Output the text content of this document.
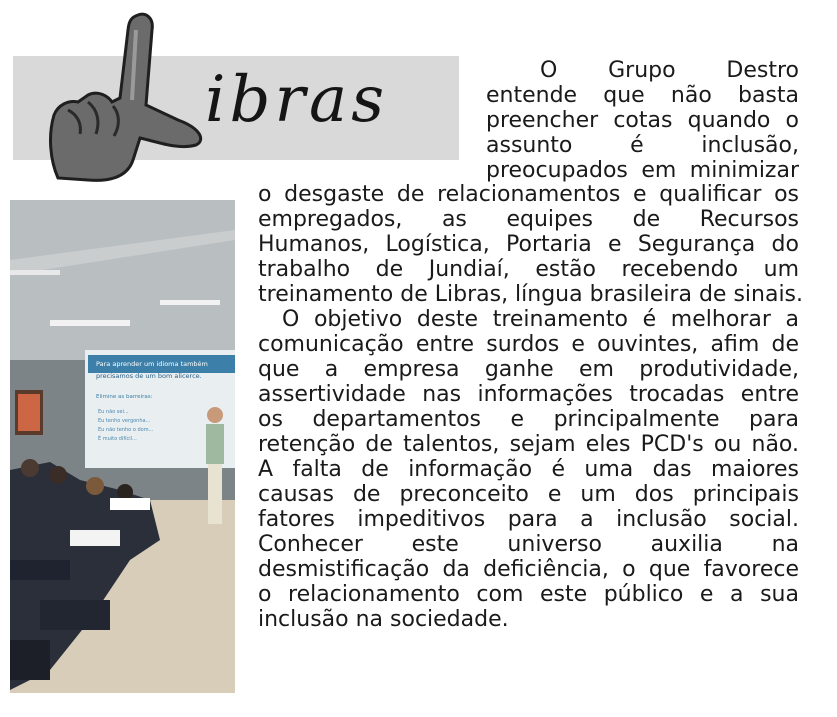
ibras
Para aprender um idioma também
precisamos de um bom alicerce.
Elimine as barreiras:
Eu não sei...
Eu tenho vergonha...
Eu não tenho o dom...
É muito difícil...
O Grupo Destro
entende que não basta
preencher cotas quando o
assunto é inclusão,
preocupados em minimizar
o desgaste de relacionamentos e qualificar os
empregados, as equipes de Recursos
Humanos, Logística, Portaria e Segurança do
trabalho de Jundiaí, estão recebendo um
treinamento de Libras, língua brasileira de sinais.
O objetivo deste treinamento é melhorar a
comunicação entre surdos e ouvintes, afim de
que a empresa ganhe em produtividade,
assertividade nas informações trocadas entre
os departamentos e principalmente para
retenção de talentos, sejam eles PCD's ou não.
A falta de informação é uma das maiores
causas de preconceito e um dos principais
fatores impeditivos para a inclusão social.
Conhecer este universo auxilia na
desmistificação da deficiência, o que favorece
o relacionamento com este público e a sua
inclusão na sociedade.
